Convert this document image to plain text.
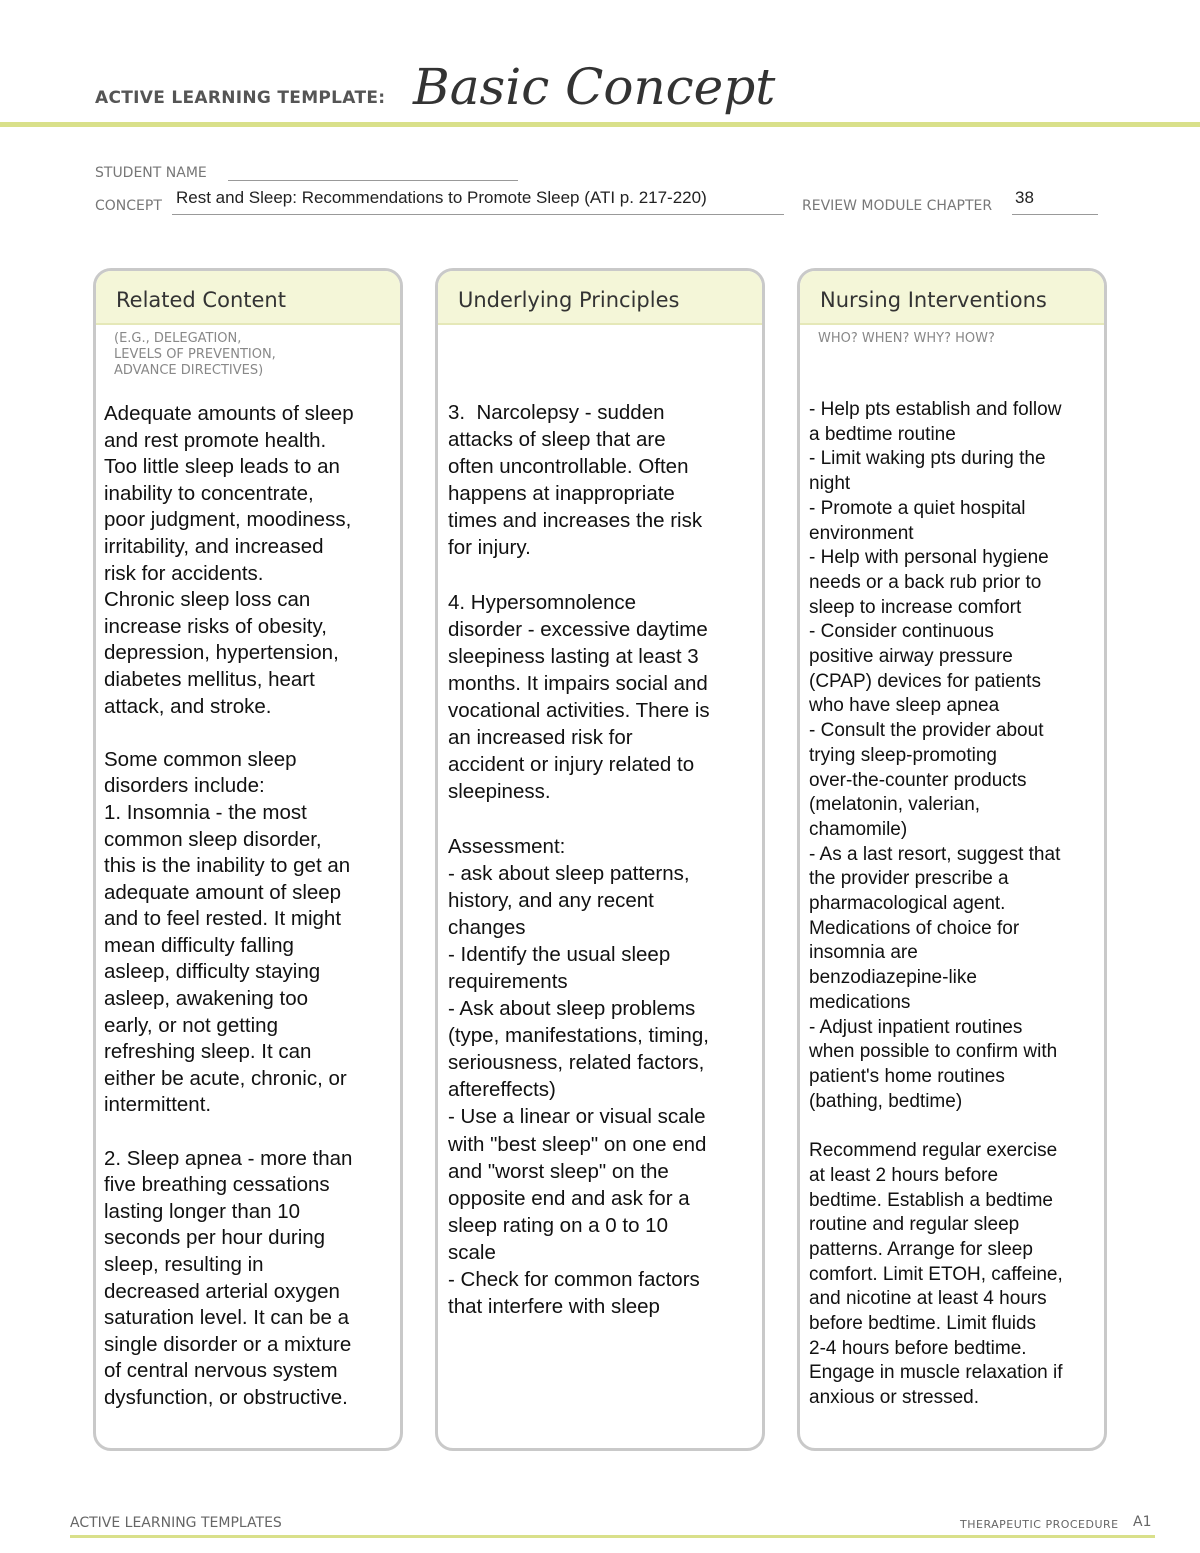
ACTIVE LEARNING TEMPLATE: Basic Concept
STUDENT NAME
CONCEPT Rest and Sleep: Recommendations to Promote Sleep (ATI p. 217-220)	REVIEW MODULE CHAPTER 38
Related Content
(E.G., DELEGATION,
LEVELS OF PREVENTION,
ADVANCE DIRECTIVES)
Adequate amounts of sleep
and rest promote health.
Too little sleep leads to an
inability to concentrate,
poor judgment, moodiness,
irritability, and increased
risk for accidents.
Chronic sleep loss can
increase risks of obesity,
depression, hypertension,
diabetes mellitus, heart
attack, and stroke.

Some common sleep
disorders include:
1. Insomnia - the most
common sleep disorder,
this is the inability to get an
adequate amount of sleep
and to feel rested. It might
mean difficulty falling
asleep, difficulty staying
asleep, awakening too
early, or not getting
refreshing sleep. It can
either be acute, chronic, or
intermittent.

2. Sleep apnea - more than
five breathing cessations
lasting longer than 10
seconds per hour during
sleep, resulting in
decreased arterial oxygen
saturation level. It can be a
single disorder or a mixture
of central nervous system
dysfunction, or obstructive.
Underlying Principles
3.  Narcolepsy - sudden
attacks of sleep that are
often uncontrollable. Often
happens at inappropriate
times and increases the risk
for injury.

4. Hypersomnolence
disorder - excessive daytime
sleepiness lasting at least 3
months. It impairs social and
vocational activities. There is
an increased risk for
accident or injury related to
sleepiness.

Assessment:
- ask about sleep patterns,
history, and any recent
changes
- Identify the usual sleep
requirements
- Ask about sleep problems
(type, manifestations, timing,
seriousness, related factors,
aftereffects)
- Use a linear or visual scale
with "best sleep" on one end
and "worst sleep" on the
opposite end and ask for a
sleep rating on a 0 to 10
scale
- Check for common factors
that interfere with sleep
Nursing Interventions
WHO? WHEN? WHY? HOW?
- Help pts establish and follow
a bedtime routine
- Limit waking pts during the
night
- Promote a quiet hospital
environment
- Help with personal hygiene
needs or a back rub prior to
sleep to increase comfort
- Consider continuous
positive airway pressure
(CPAP) devices for patients
who have sleep apnea
- Consult the provider about
trying sleep-promoting
over-the-counter products
(melatonin, valerian,
chamomile)
- As a last resort, suggest that
the provider prescribe a
pharmacological agent.
Medications of choice for
insomnia are
benzodiazepine-like
medications
- Adjust inpatient routines
when possible to confirm with
patient's home routines
(bathing, bedtime)

Recommend regular exercise
at least 2 hours before
bedtime. Establish a bedtime
routine and regular sleep
patterns. Arrange for sleep
comfort. Limit ETOH, caffeine,
and nicotine at least 4 hours
before bedtime. Limit fluids
2-4 hours before bedtime.
Engage in muscle relaxation if
anxious or stressed.
ACTIVE LEARNING TEMPLATES	THERAPEUTIC PROCEDURE A1
